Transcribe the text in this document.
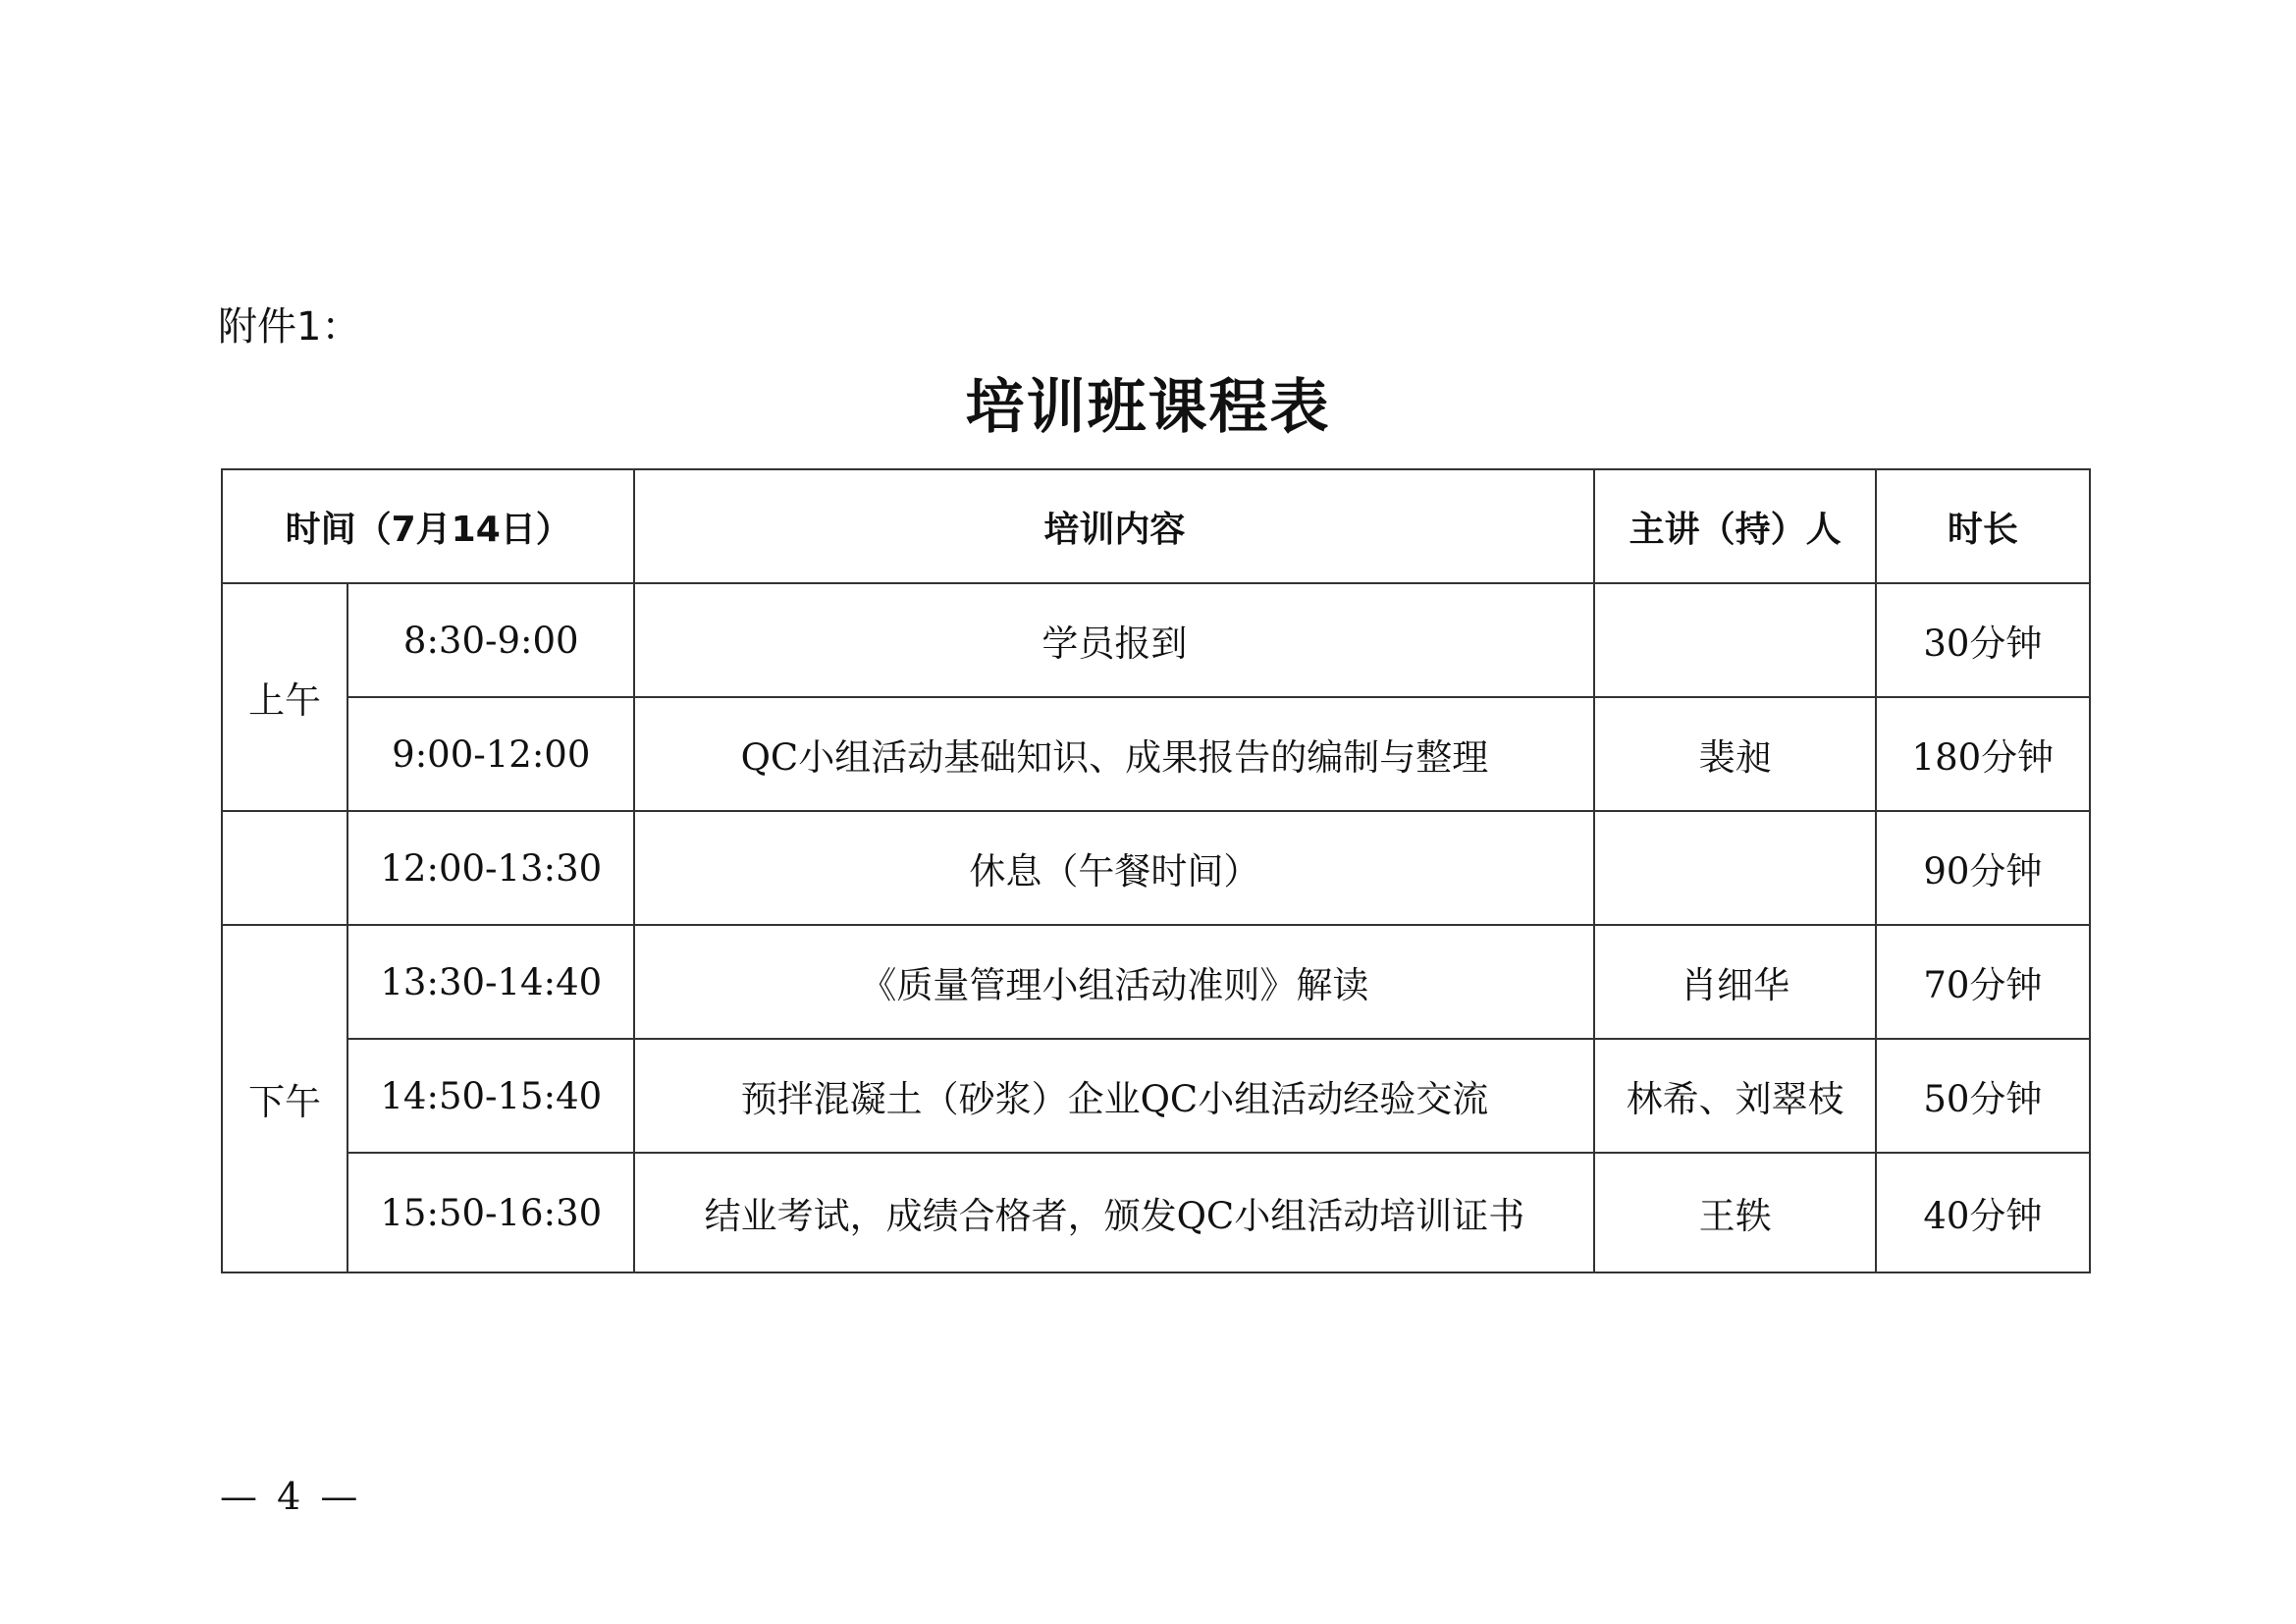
附件1：
培训班课程表
时间（7月14日）		培训内容	主讲（持）人	时长
上午	8:30-9:00	学员报到		30分钟
	9:00-12:00	QC小组活动基础知识、成果报告的编制与整理	裴昶	180分钟
	12:00-13:30	休息（午餐时间）		90分钟
下午	13:30-14:40	《质量管理小组活动准则》解读	肖细华	70分钟
	14:50-15:40	预拌混凝土（砂浆）企业QC小组活动经验交流	林希、刘翠枝	50分钟
	15:50-16:30	结业考试，成绩合格者，颁发QC小组活动培训证书	王轶	40分钟
— 4 —
